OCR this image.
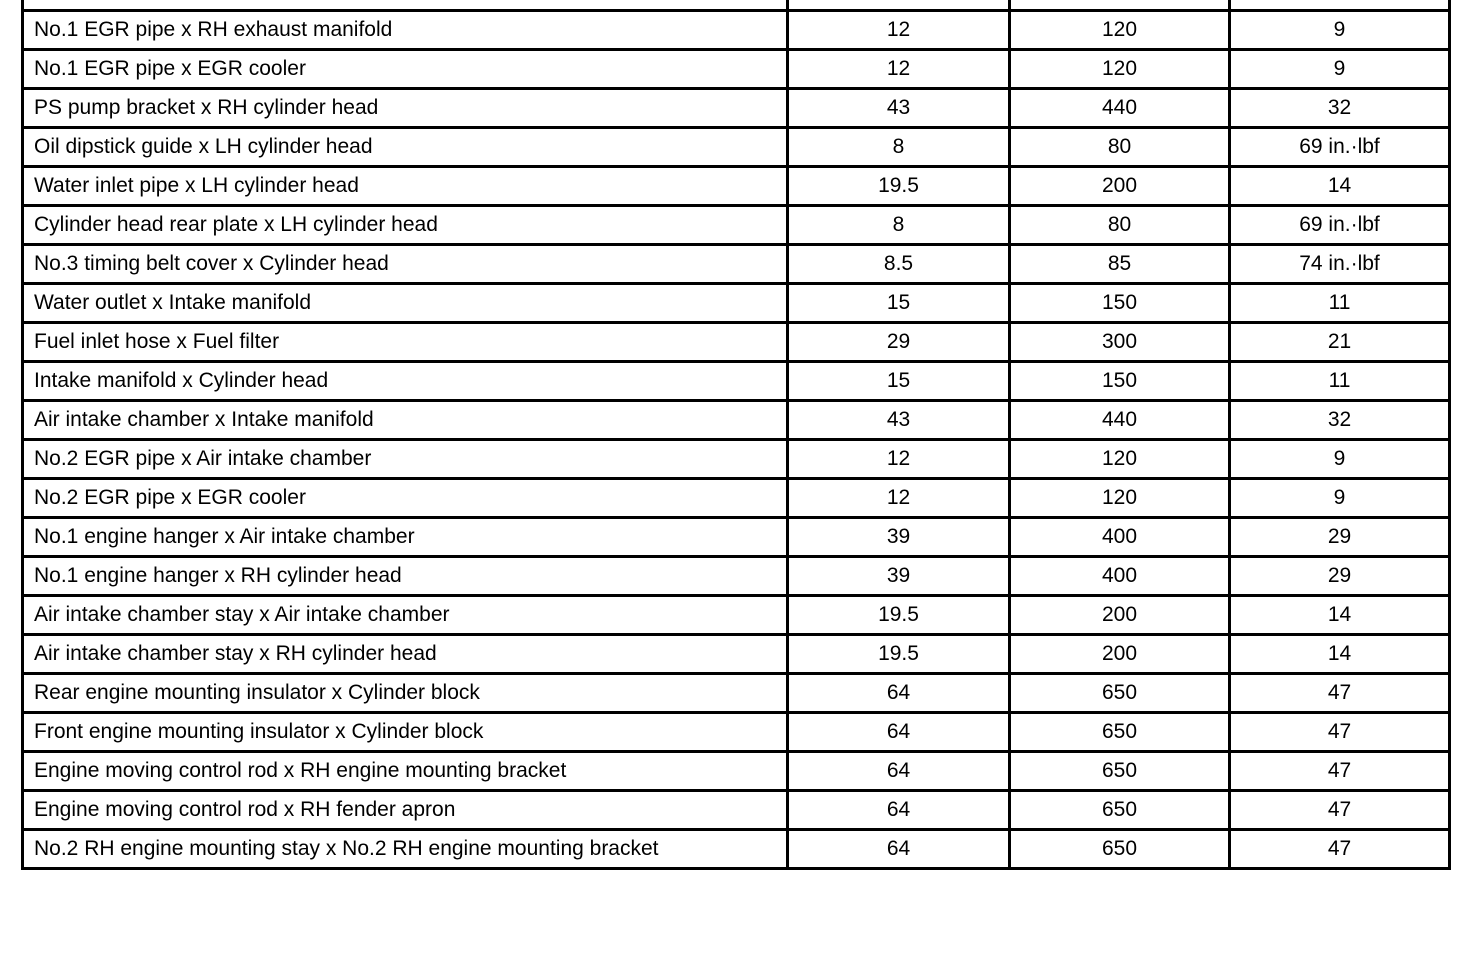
No.1 EGR pipe x RH exhaust manifold	12	120	9
No.1 EGR pipe x EGR cooler	12	120	9
PS pump bracket x RH cylinder head	43	440	32
Oil dipstick guide x LH cylinder head	8	80	69 in.·lbf
Water inlet pipe x LH cylinder head	19.5	200	14
Cylinder head rear plate x LH cylinder head	8	80	69 in.·lbf
No.3 timing belt cover x Cylinder head	8.5	85	74 in.·lbf
Water outlet x Intake manifold	15	150	11
Fuel inlet hose x Fuel filter	29	300	21
Intake manifold x Cylinder head	15	150	11
Air intake chamber x Intake manifold	43	440	32
No.2 EGR pipe x Air intake chamber	12	120	9
No.2 EGR pipe x EGR cooler	12	120	9
No.1 engine hanger x Air intake chamber	39	400	29
No.1 engine hanger x RH cylinder head	39	400	29
Air intake chamber stay x Air intake chamber	19.5	200	14
Air intake chamber stay x RH cylinder head	19.5	200	14
Rear engine mounting insulator x Cylinder block	64	650	47
Front engine mounting insulator x Cylinder block	64	650	47
Engine moving control rod x RH engine mounting bracket	64	650	47
Engine moving control rod x RH fender apron	64	650	47
No.2 RH engine mounting stay x No.2 RH engine mounting bracket	64	650	47
